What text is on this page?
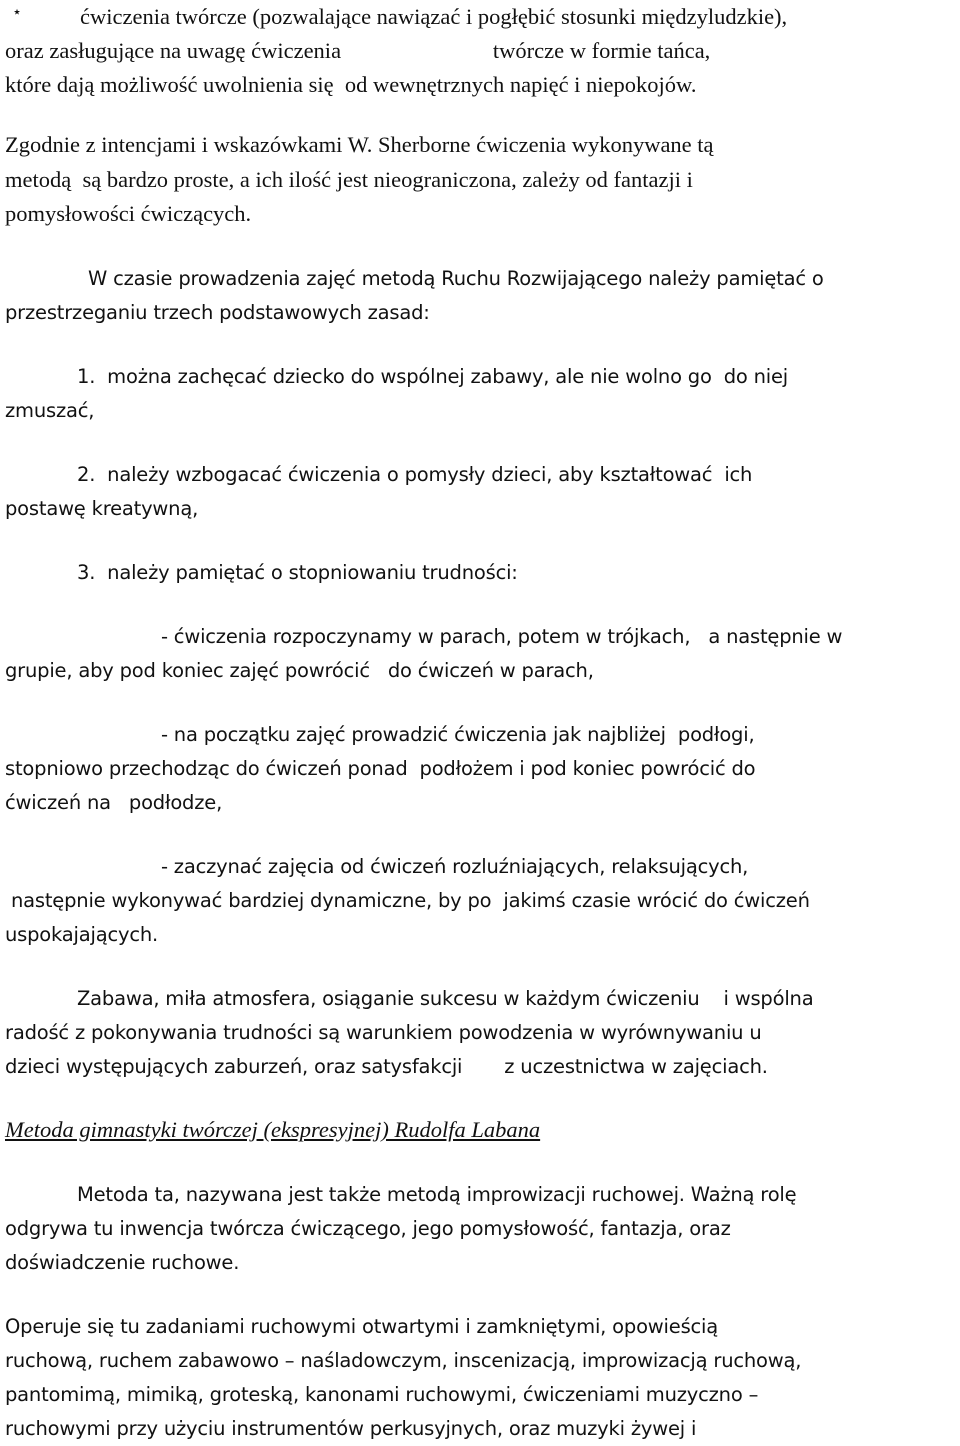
⋆	ćwiczenia twórcze (pozwalające nawiązać i pogłębić stosunki międzyludzkie),
oraz zasługujące na uwagę ćwiczenia                           twórcze w formie tańca,
które dają możliwość uwolnienia się  od wewnętrznych napięć i niepokojów.
Zgodnie z intencjami i wskazówkami W. Sherborne ćwiczenia wykonywane tą
metodą  są bardzo proste, a ich ilość jest nieograniczona, zależy od fantazji i
pomysłowości ćwiczących.
W czasie prowadzenia zajęć metodą Ruchu Rozwijającego należy pamiętać o
przestrzeganiu trzech podstawowych zasad:
1.  można zachęcać dziecko do wspólnej zabawy, ale nie wolno go  do niej
zmuszać,
2.  należy wzbogacać ćwiczenia o pomysły dzieci, aby kształtować  ich
postawę kreatywną,
3.  należy pamiętać o stopniowaniu trudności:
- ćwiczenia rozpoczynamy w parach, potem w trójkach,   a następnie w
grupie, aby pod koniec zajęć powrócić   do ćwiczeń w parach,
- na początku zajęć prowadzić ćwiczenia jak najbliżej  podłogi,
stopniowo przechodząc do ćwiczeń ponad  podłożem i pod koniec powrócić do
ćwiczeń na   podłodze,
- zaczynać zajęcia od ćwiczeń rozluźniających, relaksujących,
następnie wykonywać bardziej dynamiczne, by po  jakimś czasie wrócić do ćwiczeń
uspokajających.
Zabawa, miła atmosfera, osiąganie sukcesu w każdym ćwiczeniu    i wspólna
radość z pokonywania trudności są warunkiem powodzenia w wyrównywaniu u
dzieci występujących zaburzeń, oraz satysfakcji       z uczestnictwa w zajęciach.
Metoda gimnastyki twórczej (ekspresyjnej) Rudolfa Labana
Metoda ta, nazywana jest także metodą improwizacji ruchowej. Ważną rolę
odgrywa tu inwencja twórcza ćwiczącego, jego pomysłowość, fantazja, oraz
doświadczenie ruchowe.
Operuje się tu zadaniami ruchowymi otwartymi i zamkniętymi, opowieścią
ruchową, ruchem zabawowo – naśladowczym, inscenizacją, improwizacją ruchową,
pantomimą, mimiką, groteską, kanonami ruchowymi, ćwiczeniami muzyczno –
ruchowymi przy użyciu instrumentów perkusyjnych, oraz muzyki żywej i
